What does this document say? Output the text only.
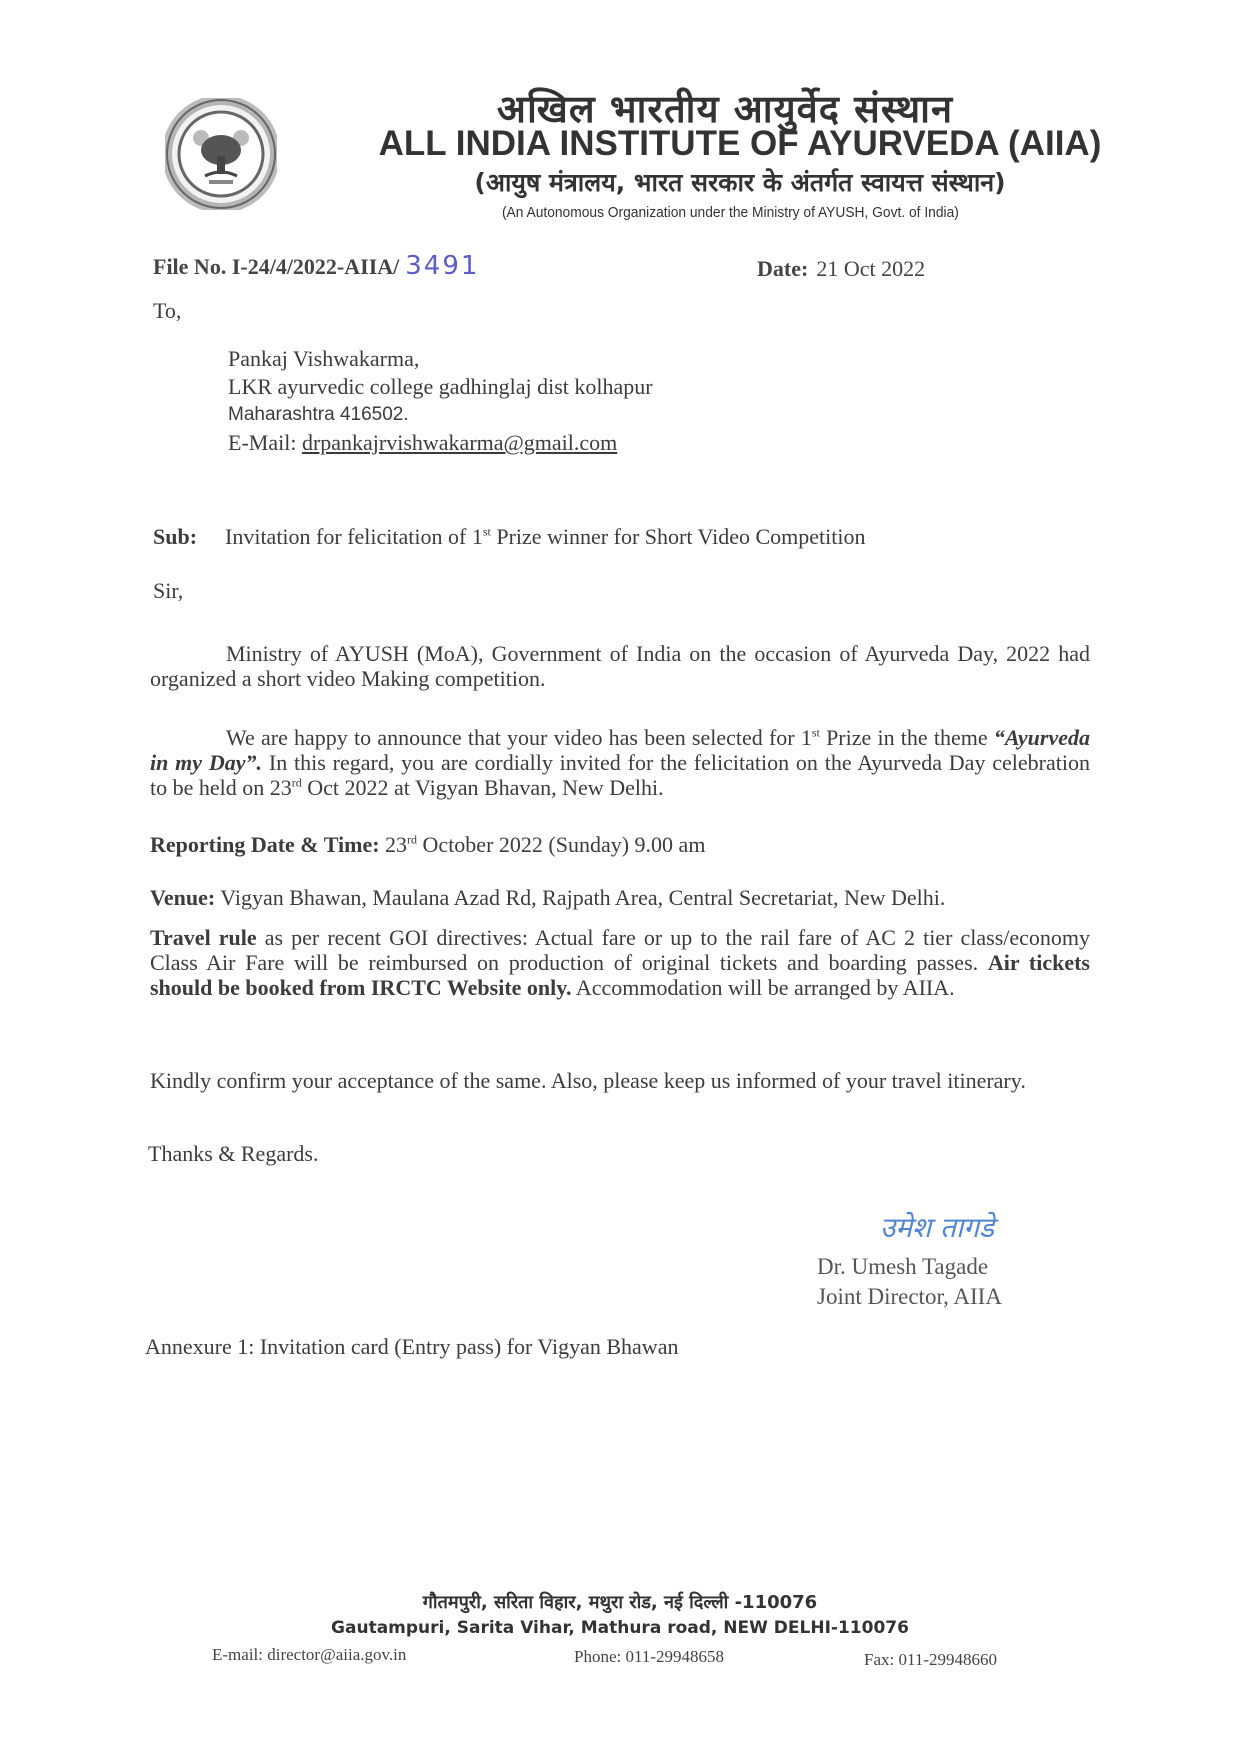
अखिल भारतीय आयुर्वेद संस्थान
ALL INDIA INSTITUTE OF AYURVEDA (AIIA)
(आयुष मंत्रालय, भारत सरकार के अंतर्गत स्वायत्त संस्थान)
(An Autonomous Organization under the Ministry of AYUSH, Govt. of India)
File No. I-24/4/2022-AIIA/ 3491	Date: 21 Oct 2022
To,
Pankaj Vishwakarma,
LKR ayurvedic college gadhinglaj dist kolhapur
Maharashtra 416502.
E-Mail: drpankajrvishwakarma@gmail.com
Sub: Invitation for felicitation of 1st Prize winner for Short Video Competition
Sir,
Ministry of AYUSH (MoA), Government of India on the occasion of Ayurveda Day, 2022 had organized a short video Making competition.
We are happy to announce that your video has been selected for 1st Prize in the theme “Ayurveda in my Day”. In this regard, you are cordially invited for the felicitation on the Ayurveda Day celebration to be held on 23rd Oct 2022 at Vigyan Bhavan, New Delhi.
Reporting Date & Time: 23rd October 2022 (Sunday) 9.00 am
Venue: Vigyan Bhawan, Maulana Azad Rd, Rajpath Area, Central Secretariat, New Delhi.
Travel rule as per recent GOI directives: Actual fare or up to the rail fare of AC 2 tier class/economy Class Air Fare will be reimbursed on production of original tickets and boarding passes. Air tickets should be booked from IRCTC Website only. Accommodation will be arranged by AIIA.
Kindly confirm your acceptance of the same. Also, please keep us informed of your travel itinerary.
Thanks & Regards.
उमेश तागडे
Dr. Umesh Tagade
Joint Director, AIIA
Annexure 1: Invitation card (Entry pass) for Vigyan Bhawan
गौतमपुरी, सरिता विहार, मथुरा रोड, नई दिल्ली -110076
Gautampuri, Sarita Vihar, Mathura road, NEW DELHI-110076
E-mail: director@aiia.gov.in	Phone: 011-29948658	Fax: 011-29948660
